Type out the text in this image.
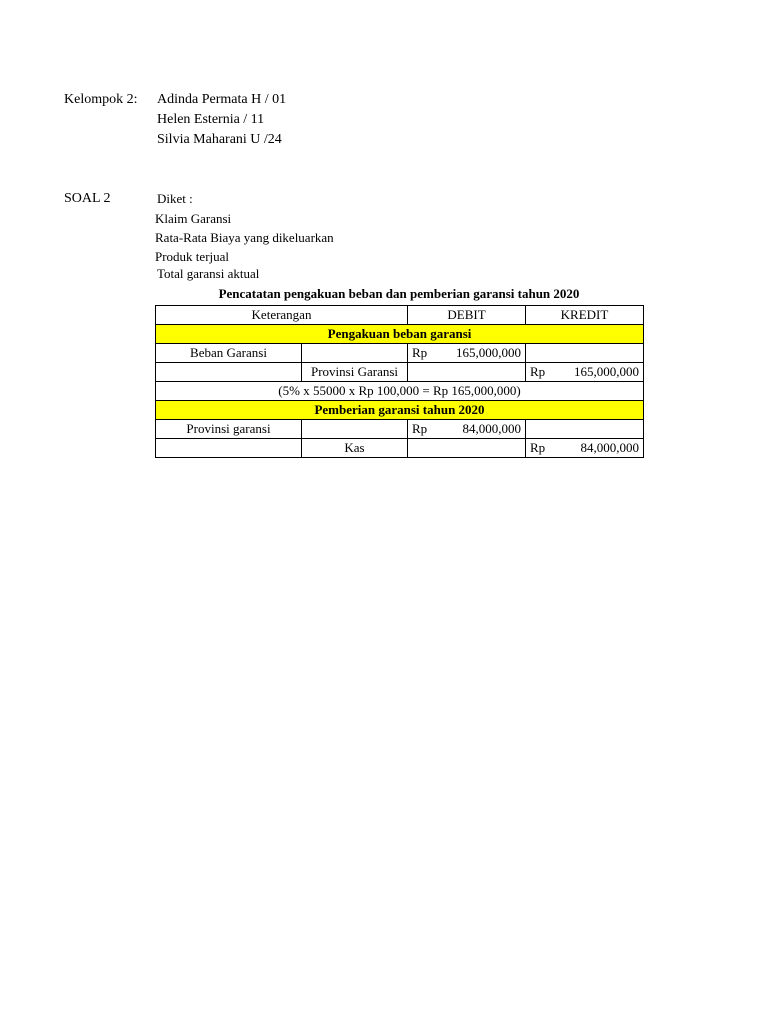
Kelompok 2: Adinda Permata H / 01
Helen Esternia / 11
Silvia Maharani U /24
SOAL 2	Diket :
Klaim Garansi
Rata-Rata Biaya yang dikeluarkan
Produk terjual
Total garansi aktual
Pencatatan pengakuan beban dan pemberian garansi tahun 2020
Keterangan		DEBIT	KREDIT
Pengakuan beban garansi			
Beban Garansi		Rp 165,000,000	

	Provinsi Garansi		Rp 165,000,000

(5% x 55000 x Rp 100,000 = Rp 165,000,000)			
Pemberian garansi tahun 2020			
Provinsi garansi		Rp 84,000,000	

	Kas		Rp 84,000,000
